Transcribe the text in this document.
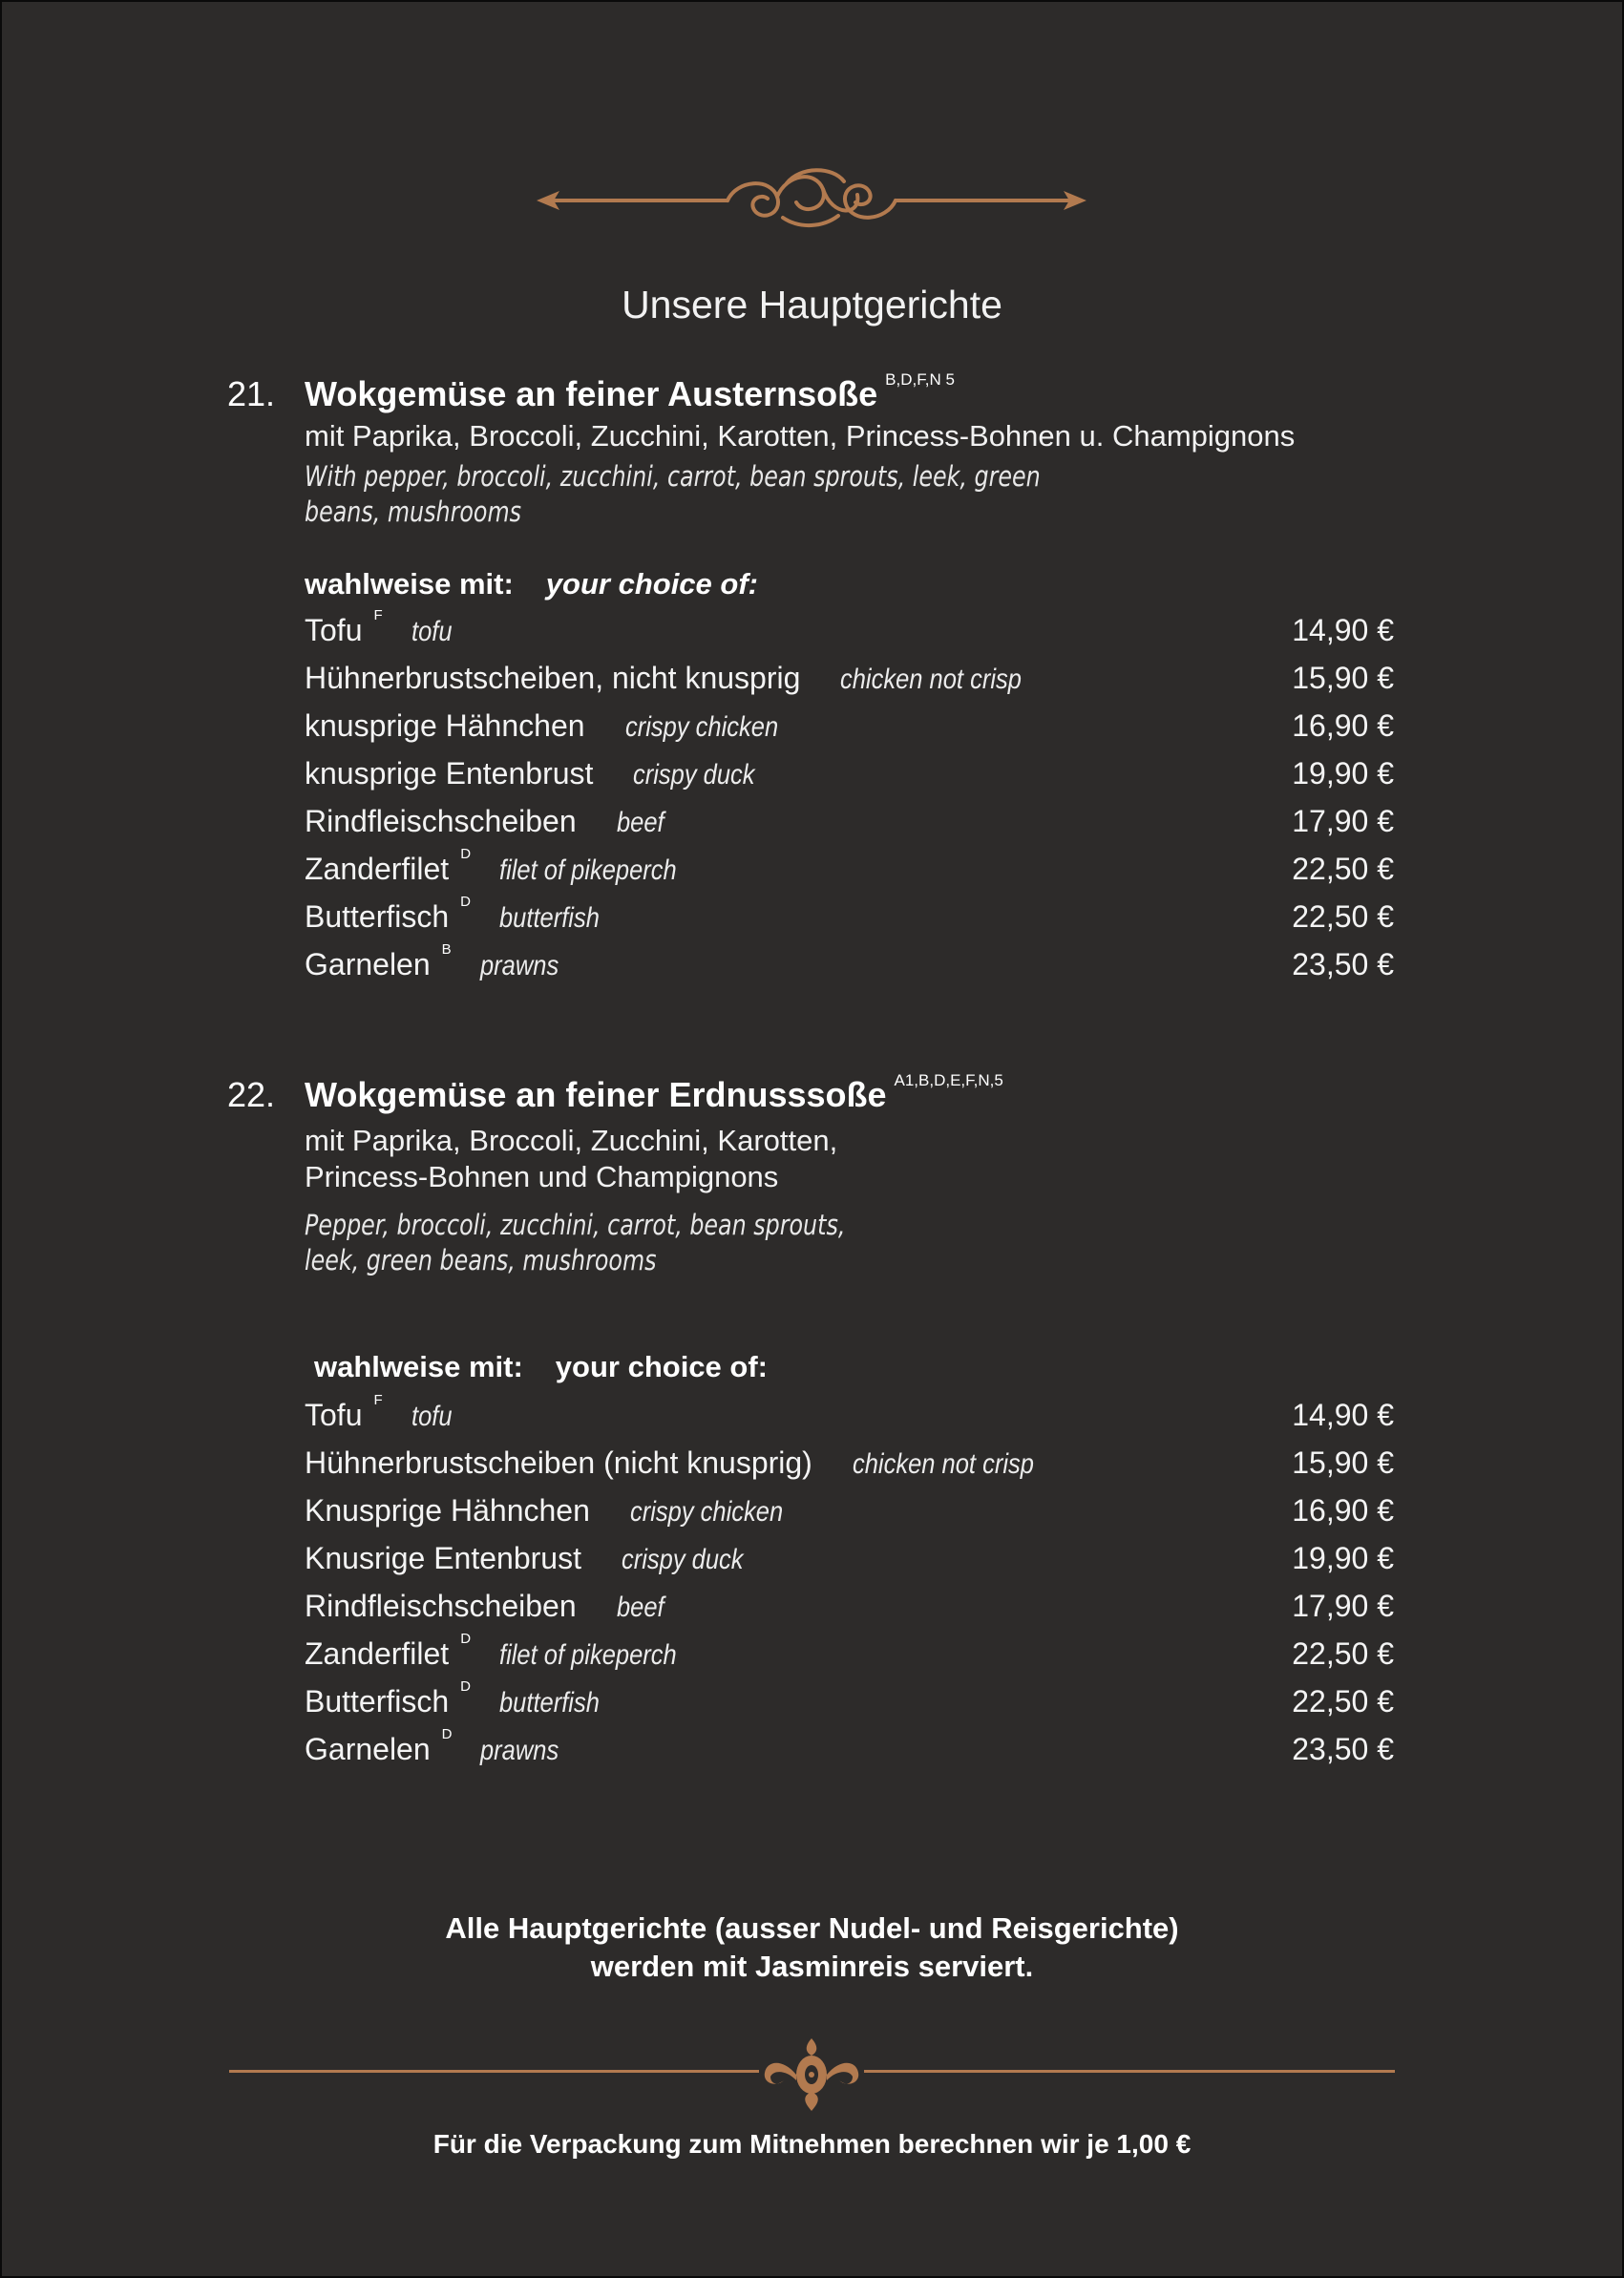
Unsere Hauptgerichte
21. Wokgemüse an feiner Austernsoße $^{B,D,F,N 5}$
mit Paprika, Broccoli, Zucchini, Karotten, Princess-Bohnen u. Champignons
With pepper, broccoli, zucchini, carrot, bean sprouts, leek, green
beans, mushrooms
wahlweise mit: your choice of:
Tofu $^F$tofu	14,90 €
Hühnerbrustscheiben, nicht knusprig chicken not crisp	15,90 €
knusprige Hähnchen crispy chicken	16,90 €
knusprige Entenbrust crispy duck	19,90 €
Rindfleischscheiben beef	17,90 €
Zanderfilet $^D$filet of pikeperch	22,50 €
Butterfisch $^D$butterfish	22,50 €
Garnelen $^B$prawns	23,50 €
22. Wokgemüse an feiner Erdnusssoße $^{A1,B,D,E,F,N,5}$
mit Paprika, Broccoli, Zucchini, Karotten,
Princess-Bohnen und Champignons
Pepper, broccoli, zucchini, carrot, bean sprouts,
leek, green beans, mushrooms
wahlweise mit: your choice of:
Tofu $^F$tofu	14,90 €
Hühnerbrustscheiben (nicht knusprig) chicken not crisp	15,90 €
Knusprige Hähnchen crispy chicken	16,90 €
Knusrige Entenbrust crispy duck	19,90 €
Rindfleischscheiben beef	17,90 €
Zanderfilet $^D$filet of pikeperch	22,50 €
Butterfisch $^D$butterfish	22,50 €
Garnelen $^D$prawns	23,50 €
Alle Hauptgerichte (ausser Nudel- und Reisgerichte)
werden mit Jasminreis serviert.
Für die Verpackung zum Mitnehmen berechnen wir je 1,00 €
